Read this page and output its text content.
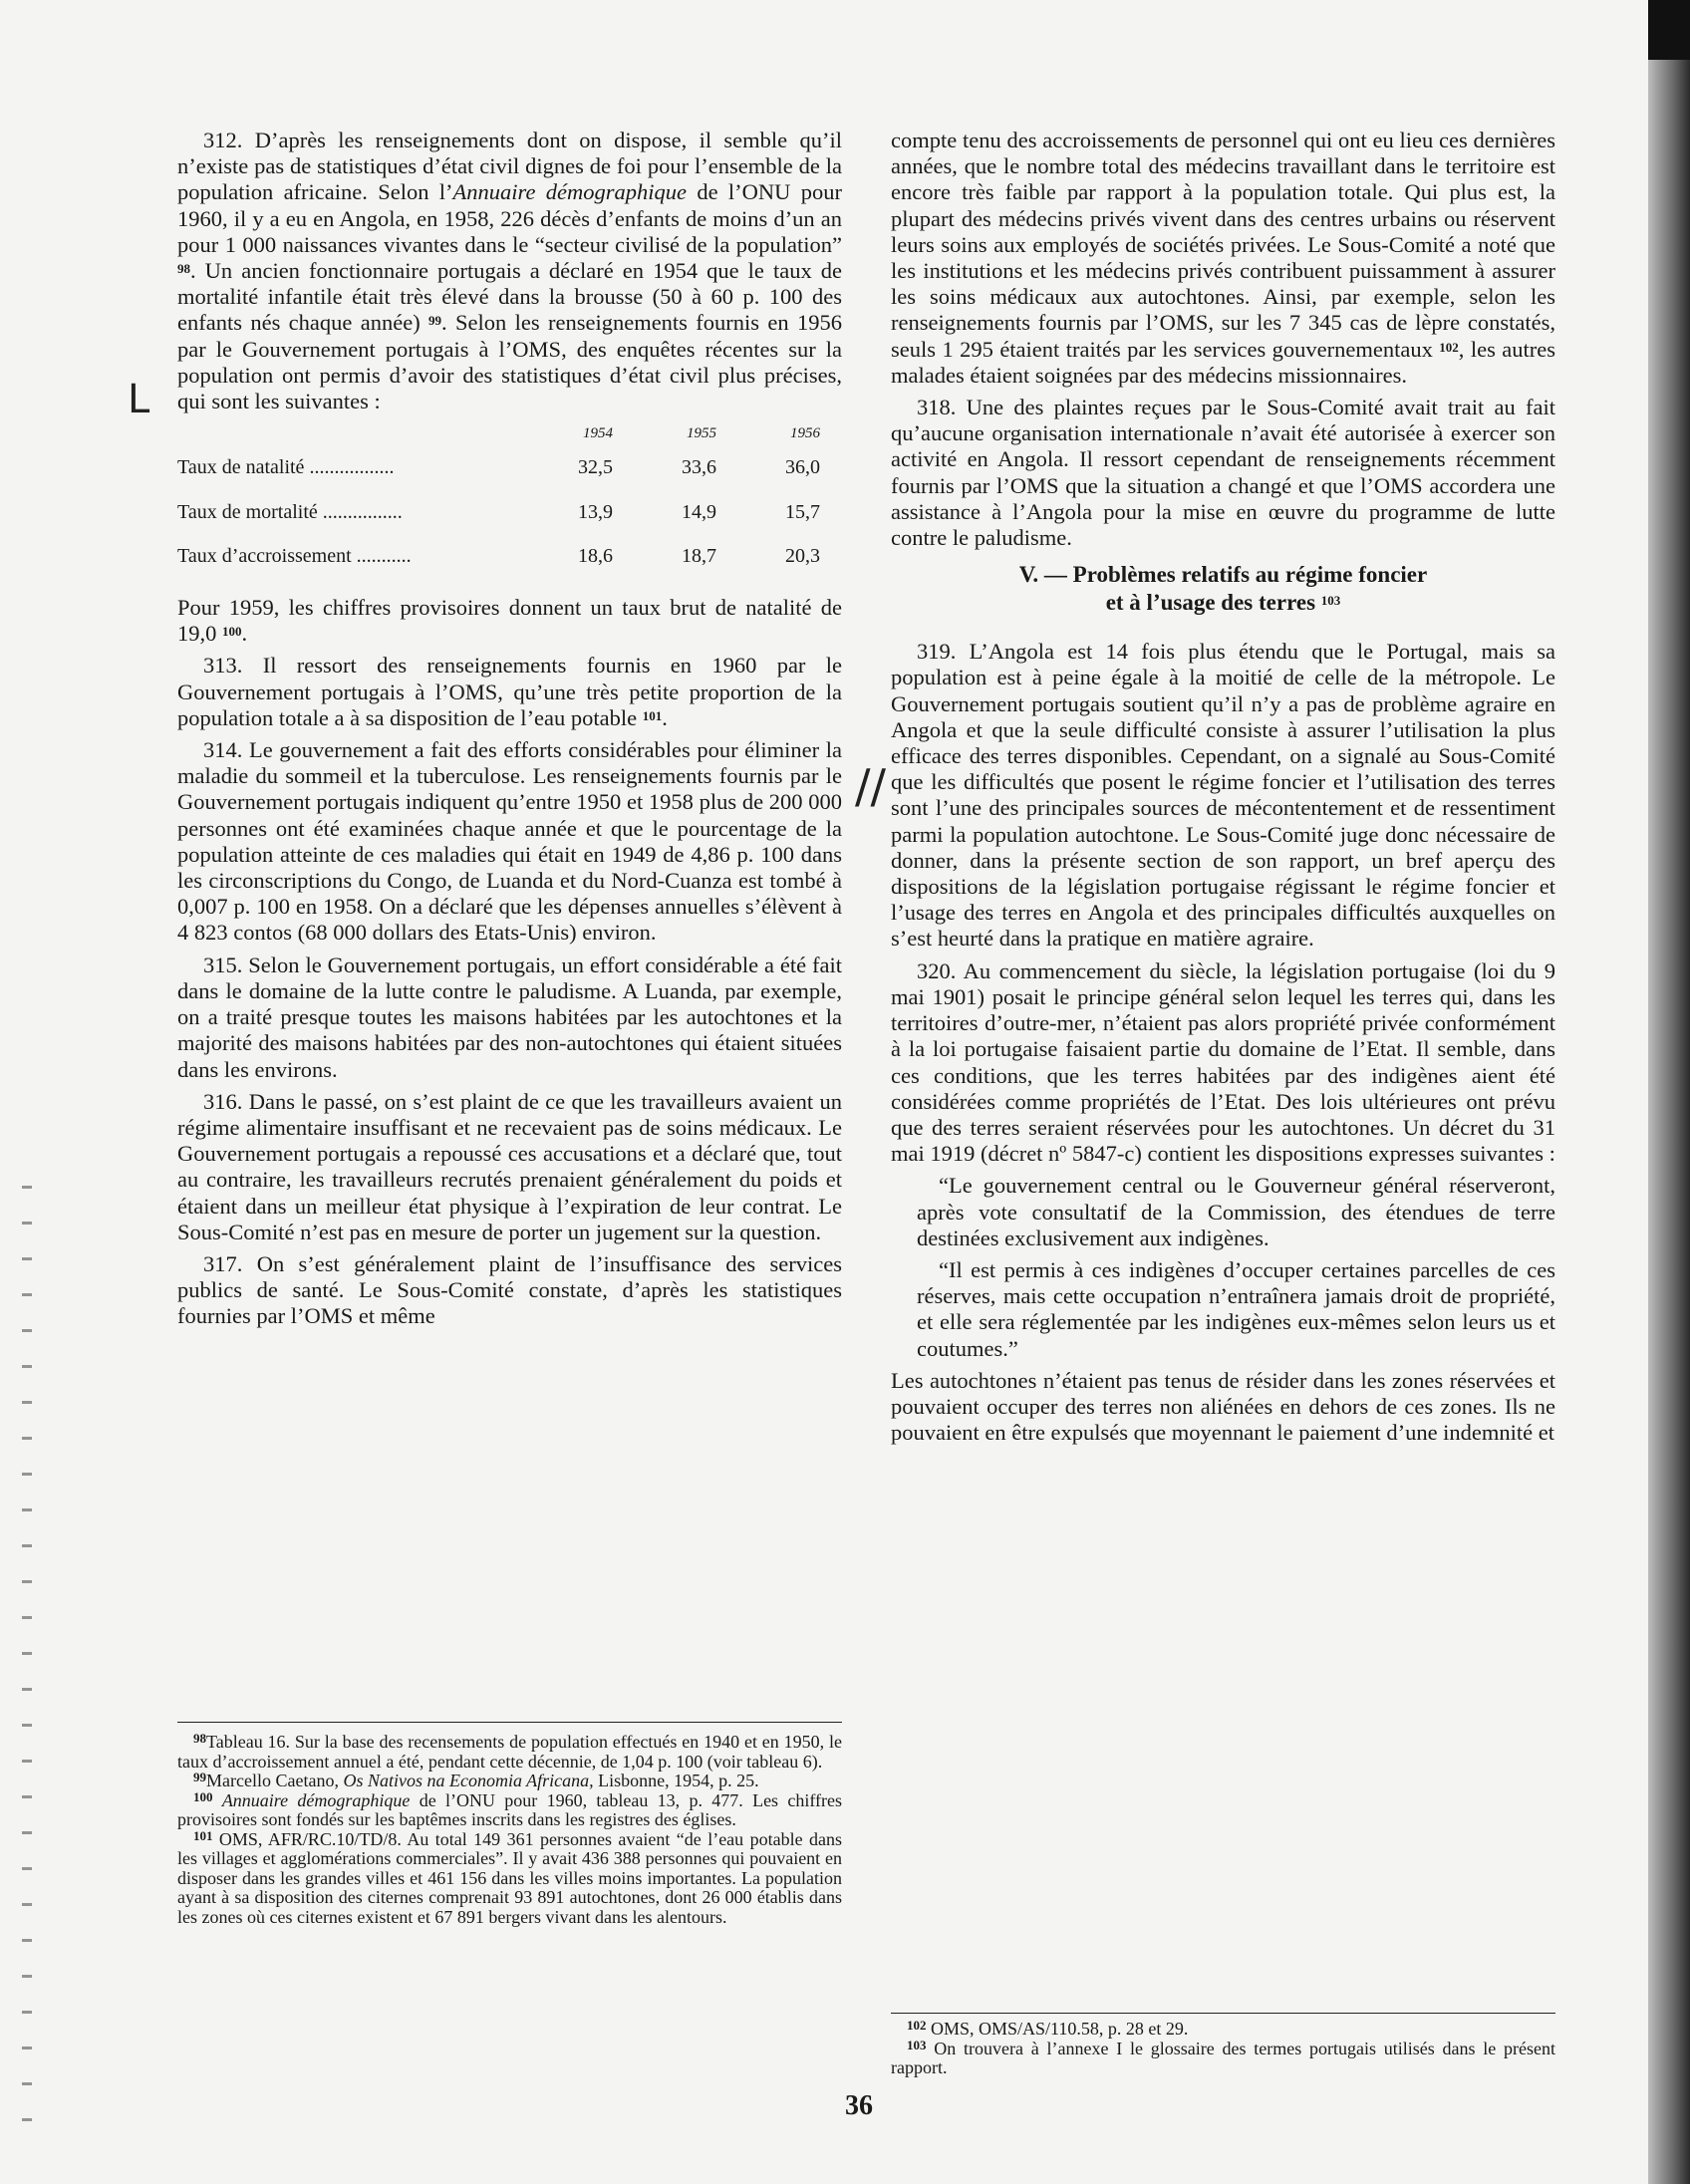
312. D’après les renseignements dont on dispose, il semble qu’il n’existe pas de statistiques d’état civil dignes de foi pour l’ensemble de la population africaine. Selon l’Annuaire démographique de l’ONU pour 1960, il y a eu en Angola, en 1958, 226 décès d’enfants de moins d’un an pour 1 000 naissances vivantes dans le “secteur civilisé de la population” $^{98}$. Un ancien fonctionnaire portugais a déclaré en 1954 que le taux de mortalité infantile était très élevé dans la brousse (50 à 60 p. 100 des enfants nés chaque année) $^{99}$. Selon les renseignements fournis en 1956 par le Gouvernement portugais à l’OMS, des enquêtes récentes sur la population ont permis d’avoir des statistiques d’état civil plus précises, qui sont les suivantes :

	1954	1955	1956
Taux de natalité .................	32,5	33,6	36,0
Taux de mortalité ................	13,9	14,9	15,7
Taux d’accroissement ...........	18,6	18,7	20,3

Pour 1959, les chiffres provisoires donnent un taux brut de natalité de 19,0 $^{100}$.

313. Il ressort des renseignements fournis en 1960 par le Gouvernement portugais à l’OMS, qu’une très petite proportion de la population totale a à sa disposition de l’eau potable $^{101}$.

314. Le gouvernement a fait des efforts considérables pour éliminer la maladie du sommeil et la tuberculose. Les renseignements fournis par le Gouvernement portugais indiquent qu’entre 1950 et 1958 plus de 200 000 personnes ont été examinées chaque année et que le pourcentage de la population atteinte de ces maladies qui était en 1949 de 4,86 p. 100 dans les circonscriptions du Congo, de Luanda et du Nord-Cuanza est tombé à 0,007 p. 100 en 1958. On a déclaré que les dépenses annuelles s’élèvent à 4 823 contos (68 000 dollars des Etats-Unis) environ.

315. Selon le Gouvernement portugais, un effort considérable a été fait dans le domaine de la lutte contre le paludisme. A Luanda, par exemple, on a traité presque toutes les maisons habitées par les autochtones et la majorité des maisons habitées par des non-autochtones qui étaient situées dans les environs.

316. Dans le passé, on s’est plaint de ce que les travailleurs avaient un régime alimentaire insuffisant et ne recevaient pas de soins médicaux. Le Gouvernement portugais a repoussé ces accusations et a déclaré que, tout au contraire, les travailleurs recrutés prenaient généralement du poids et étaient dans un meilleur état physique à l’expiration de leur contrat. Le Sous-Comité n’est pas en mesure de porter un jugement sur la question.

317. On s’est généralement plaint de l’insuffisance des services publics de santé. Le Sous-Comité constate, d’après les statistiques fournies par l’OMS et même

$^{98}$Tableau 16. Sur la base des recensements de population effectués en 1940 et en 1950, le taux d’accroissement annuel a été, pendant cette décennie, de 1,04 p. 100 (voir tableau 6).

$^{99}$Marcello Caetano, Os Nativos na Economia Africana, Lisbonne, 1954, p. 25.

$^{100}$ Annuaire démographique de l’ONU pour 1960, tableau 13, p. 477. Les chiffres provisoires sont fondés sur les baptêmes inscrits dans les registres des églises.

$^{101}$ OMS, AFR/RC.10/TD/8. Au total 149 361 personnes avaient “de l’eau potable dans les villages et agglomérations commerciales”. Il y avait 436 388 personnes qui pouvaient en disposer dans les grandes villes et 461 156 dans les villes moins importantes. La population ayant à sa disposition des citernes comprenait 93 891 autochtones, dont 26 000 établis dans les zones où ces citernes existent et 67 891 bergers vivant dans les alentours.

compte tenu des accroissements de personnel qui ont eu lieu ces dernières années, que le nombre total des médecins travaillant dans le territoire est encore très faible par rapport à la population totale. Qui plus est, la plupart des médecins privés vivent dans des centres urbains ou réservent leurs soins aux employés de sociétés privées. Le Sous-Comité a noté que les institutions et les médecins privés contribuent puissamment à assurer les soins médicaux aux autochtones. Ainsi, par exemple, selon les renseignements fournis par l’OMS, sur les 7 345 cas de lèpre constatés, seuls 1 295 étaient traités par les services gouvernementaux $^{102}$, les autres malades étaient soignées par des médecins missionnaires.

318. Une des plaintes reçues par le Sous-Comité avait trait au fait qu’aucune organisation internationale n’avait été autorisée à exercer son activité en Angola. Il ressort cependant de renseignements récemment fournis par l’OMS que la situation a changé et que l’OMS accordera une assistance à l’Angola pour la mise en œuvre du programme de lutte contre le paludisme.

V. — Problèmes relatifs au régime foncier
et à l’usage des terres $^{103}$

319. L’Angola est 14 fois plus étendu que le Portugal, mais sa population est à peine égale à la moitié de celle de la métropole. Le Gouvernement portugais soutient qu’il n’y a pas de problème agraire en Angola et que la seule difficulté consiste à assurer l’utilisation la plus efficace des terres disponibles. Cependant, on a signalé au Sous-Comité que les difficultés que posent le régime foncier et l’utilisation des terres sont l’une des principales sources de mécontentement et de ressentiment parmi la population autochtone. Le Sous-Comité juge donc nécessaire de donner, dans la présente section de son rapport, un bref aperçu des dispositions de la législation portugaise régissant le régime foncier et l’usage des terres en Angola et des principales difficultés auxquelles on s’est heurté dans la pratique en matière agraire.

320. Au commencement du siècle, la législation portugaise (loi du 9 mai 1901) posait le principe général selon lequel les terres qui, dans les territoires d’outre-mer, n’étaient pas alors propriété privée conformément à la loi portugaise faisaient partie du domaine de l’Etat. Il semble, dans ces conditions, que les terres habitées par des indigènes aient été considérées comme propriétés de l’Etat. Des lois ultérieures ont prévu que des terres seraient réservées pour les autochtones. Un décret du 31 mai 1919 (décret nº 5847-c) contient les dispositions expresses suivantes :

“Le gouvernement central ou le Gouverneur général réserveront, après vote consultatif de la Commission, des étendues de terre destinées exclusivement aux indigènes.

“Il est permis à ces indigènes d’occuper certaines parcelles de ces réserves, mais cette occupation n’entraînera jamais droit de propriété, et elle sera réglementée par les indigènes eux-mêmes selon leurs us et coutumes.”

Les autochtones n’étaient pas tenus de résider dans les zones réservées et pouvaient occuper des terres non aliénées en dehors de ces zones. Ils ne pouvaient en être expulsés que moyennant le paiement d’une indemnité et

$^{102}$ OMS, OMS/AS/110.58, p. 28 et 29.

$^{103}$ On trouvera à l’annexe I le glossaire des termes portugais utilisés dans le présent rapport.

36
L
//
